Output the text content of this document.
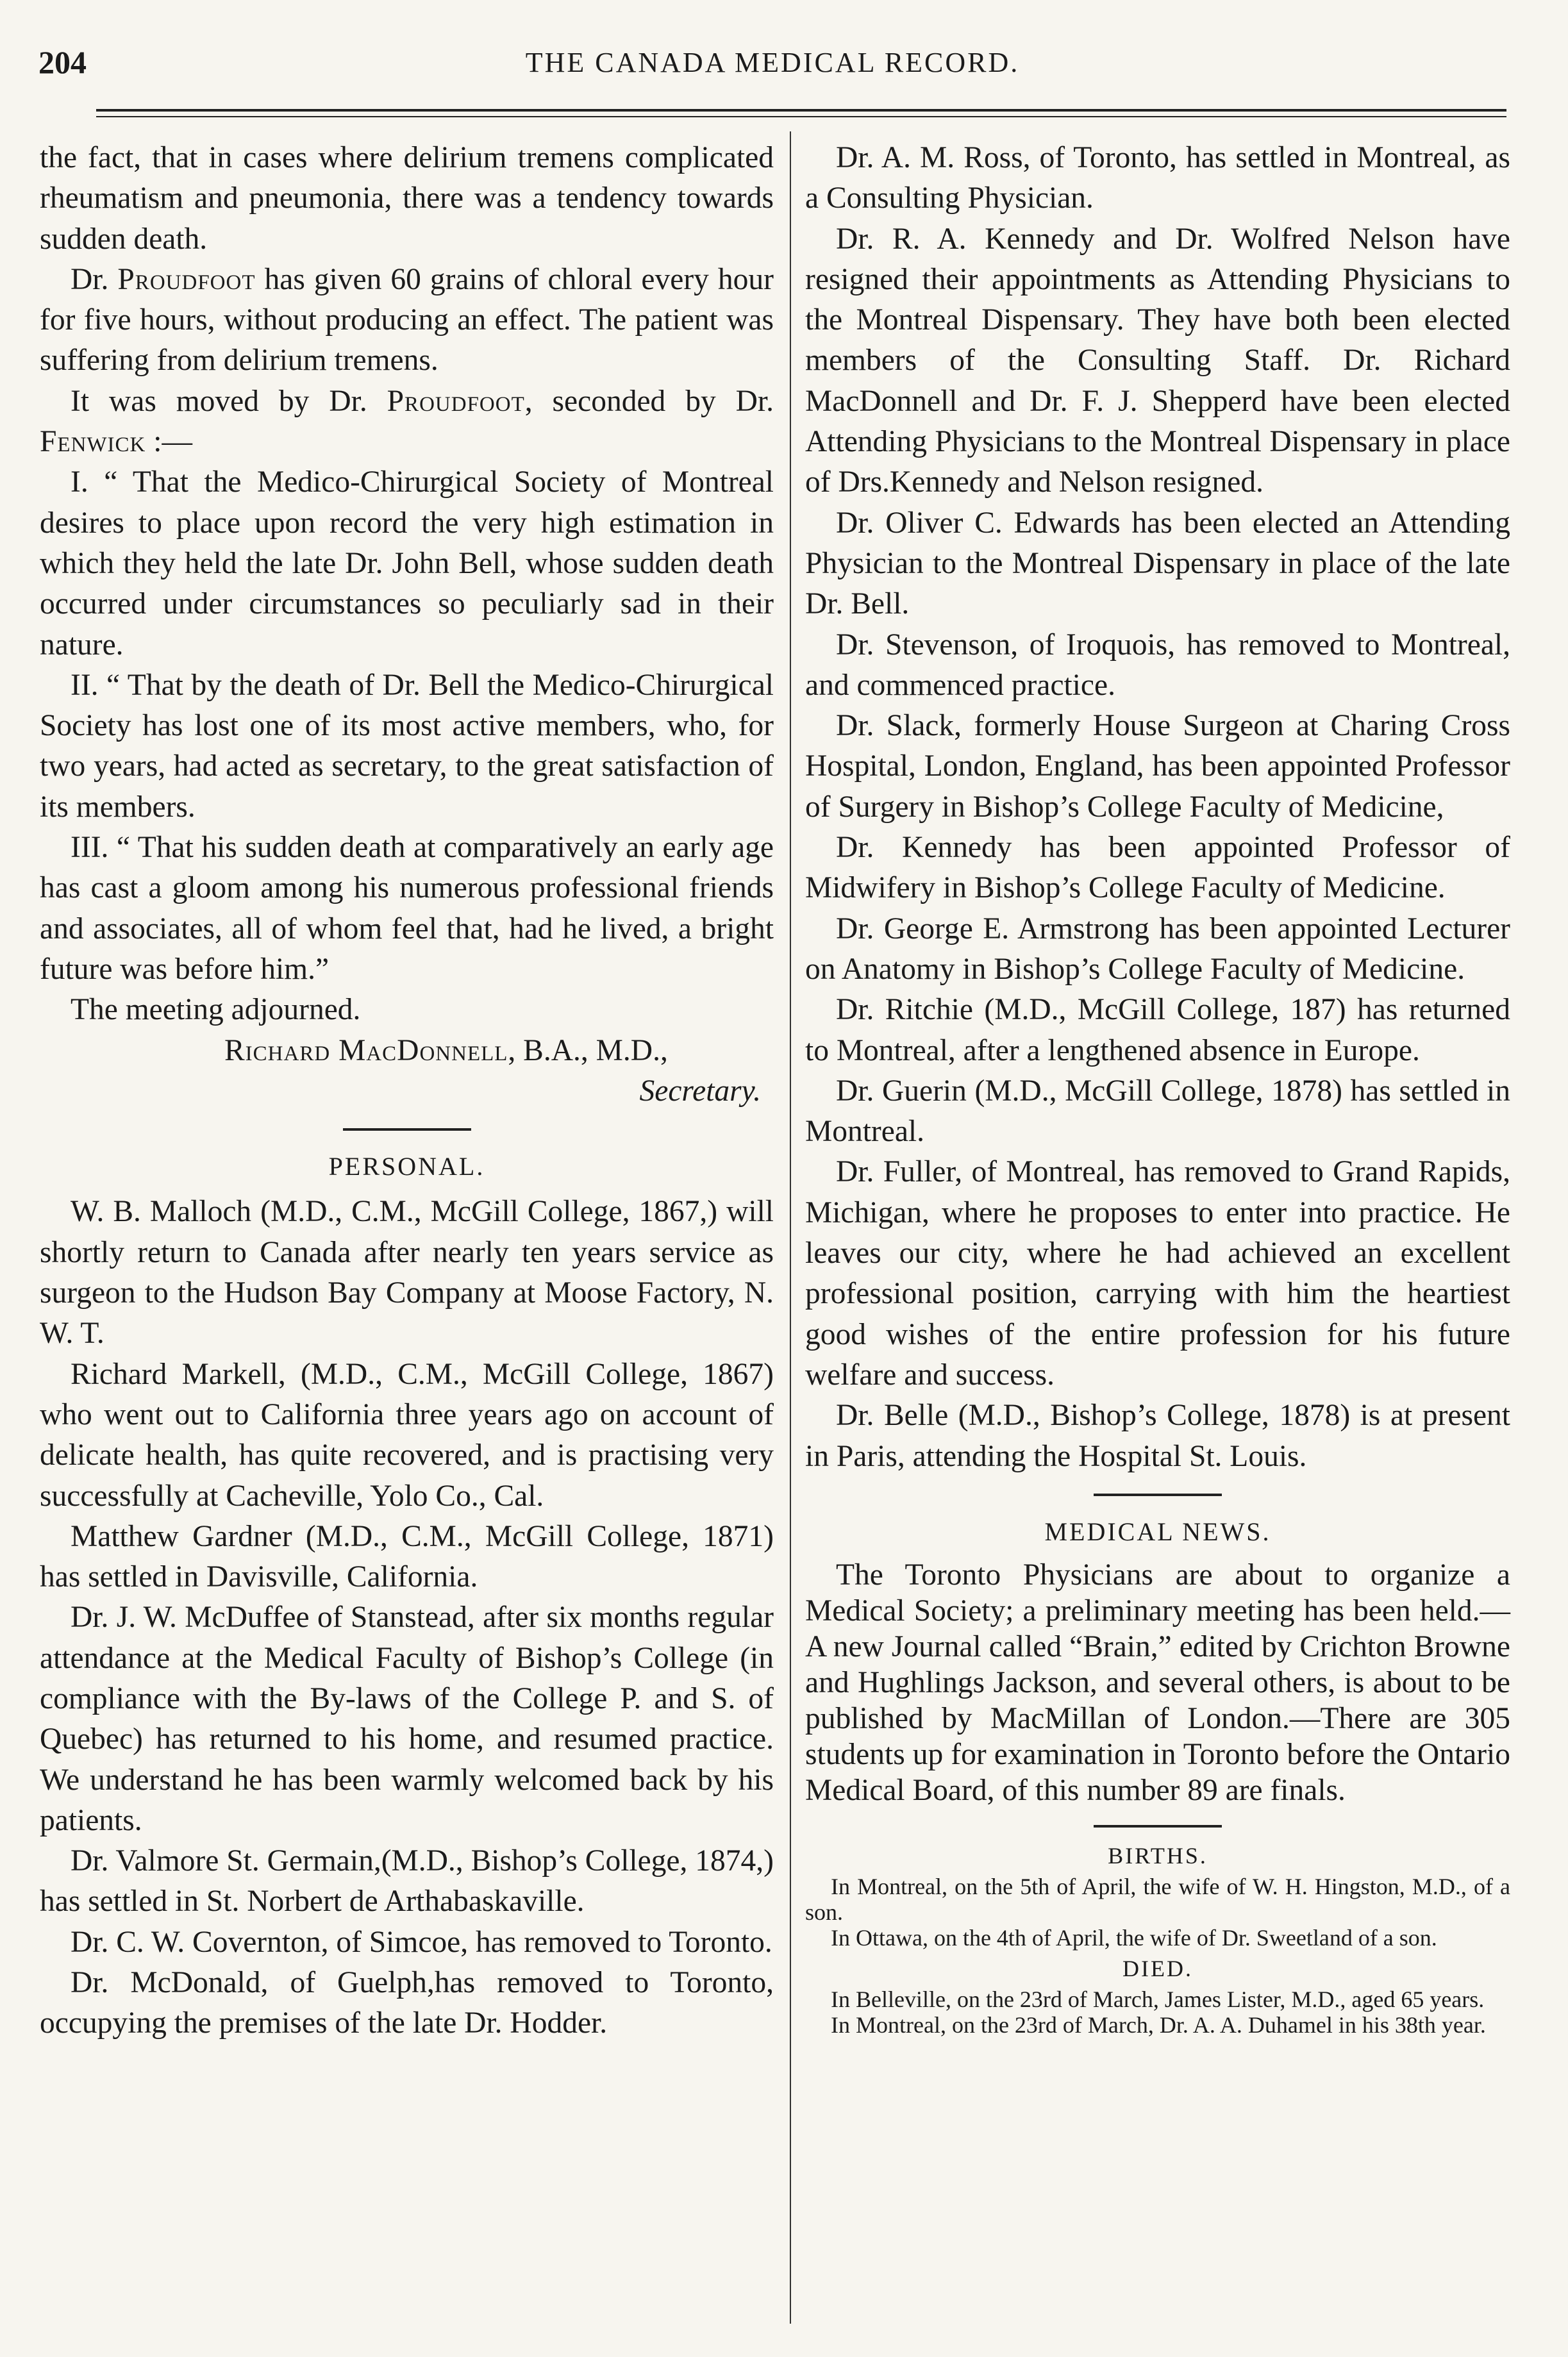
204	THE CANADA MEDICAL RECORD.

the fact, that in cases where delirium tremens complicated rheumatism and pneumonia, there was a tendency towards sudden death.

Dr. Proudfoot has given 60 grains of chloral every hour for five hours, without producing an effect. The patient was suffering from delirium tremens.

It was moved by Dr. Proudfoot, seconded by Dr. Fenwick :—

I. “ That the Medico-Chirurgical Society of Montreal desires to place upon record the very high estimation in which they held the late Dr. John Bell, whose sudden death occurred under circumstances so peculiarly sad in their nature.

II. “ That by the death of Dr. Bell the Medico-Chirurgical Society has lost one of its most active members, who, for two years, had acted as secretary, to the great satisfaction of its members.

III. “ That his sudden death at comparatively an early age has cast a gloom among his numerous professional friends and associates, all of whom feel that, had he lived, a bright future was before him.”

The meeting adjourned.

Richard MacDonnell, B.A., M.D.,

Secretary.

PERSONAL.

W. B. Malloch (M.D., C.M., McGill College, 1867,) will shortly return to Canada after nearly ten years service as surgeon to the Hudson Bay Company at Moose Factory, N. W. T.

Richard Markell, (M.D., C.M., McGill College, 1867) who went out to California three years ago on account of delicate health, has quite recovered, and is practising very successfully at Cacheville, Yolo Co., Cal.

Matthew Gardner (M.D., C.M., McGill College, 1871) has settled in Davisville, California.

Dr. J. W. McDuffee of Stanstead, after six months regular attendance at the Medical Faculty of Bishop’s College (in compliance with the By-laws of the College P. and S. of Quebec) has returned to his home, and resumed practice. We understand he has been warmly welcomed back by his patients.

Dr. Valmore St. Germain,(M.D., Bishop’s College, 1874,) has settled in St. Norbert de Arthabaskaville.

Dr. C. W. Covernton, of Simcoe, has removed to Toronto.

Dr. McDonald, of Guelph,has removed to Toronto, occupying the premises of the late Dr. Hodder.

Dr. A. M. Ross, of Toronto, has settled in Montreal, as a Consulting Physician.

Dr. R. A. Kennedy and Dr. Wolfred Nelson have resigned their appointments as Attending Physicians to the Montreal Dispensary. They have both been elected members of the Consulting Staff. Dr. Richard MacDonnell and Dr. F. J. Shepperd have been elected Attending Physicians to the Montreal Dispensary in place of Drs.Kennedy and Nelson resigned.

Dr. Oliver C. Edwards has been elected an Attending Physician to the Montreal Dispensary in place of the late Dr. Bell.

Dr. Stevenson, of Iroquois, has removed to Montreal, and commenced practice.

Dr. Slack, formerly House Surgeon at Charing Cross Hospital, London, England, has been appointed Professor of Surgery in Bishop’s College Faculty of Medicine,

Dr. Kennedy has been appointed Professor of Midwifery in Bishop’s College Faculty of Medicine.

Dr. George E. Armstrong has been appointed Lecturer on Anatomy in Bishop’s College Faculty of Medicine.

Dr. Ritchie (M.D., McGill College, 187) has returned to Montreal, after a lengthened absence in Europe.

Dr. Guerin (M.D., McGill College, 1878) has settled in Montreal.

Dr. Fuller, of Montreal, has removed to Grand Rapids, Michigan, where he proposes to enter into practice. He leaves our city, where he had achieved an excellent professional position, carrying with him the heartiest good wishes of the entire profession for his future welfare and success.

Dr. Belle (M.D., Bishop’s College, 1878) is at present in Paris, attending the Hospital St. Louis.

MEDICAL NEWS.

The Toronto Physicians are about to organize a Medical Society; a preliminary meeting has been held.—A new Journal called “Brain,” edited by Crichton Browne and Hughlings Jackson, and several others, is about to be published by MacMillan of London.—There are 305 students up for examination in Toronto before the Ontario Medical Board, of this number 89 are finals.

BIRTHS.

In Montreal, on the 5th of April, the wife of W. H. Hingston, M.D., of a son.

In Ottawa, on the 4th of April, the wife of Dr. Sweetland of a son.

DIED.

In Belleville, on the 23rd of March, James Lister, M.D., aged 65 years.

In Montreal, on the 23rd of March, Dr. A. A. Duhamel in his 38th year.
